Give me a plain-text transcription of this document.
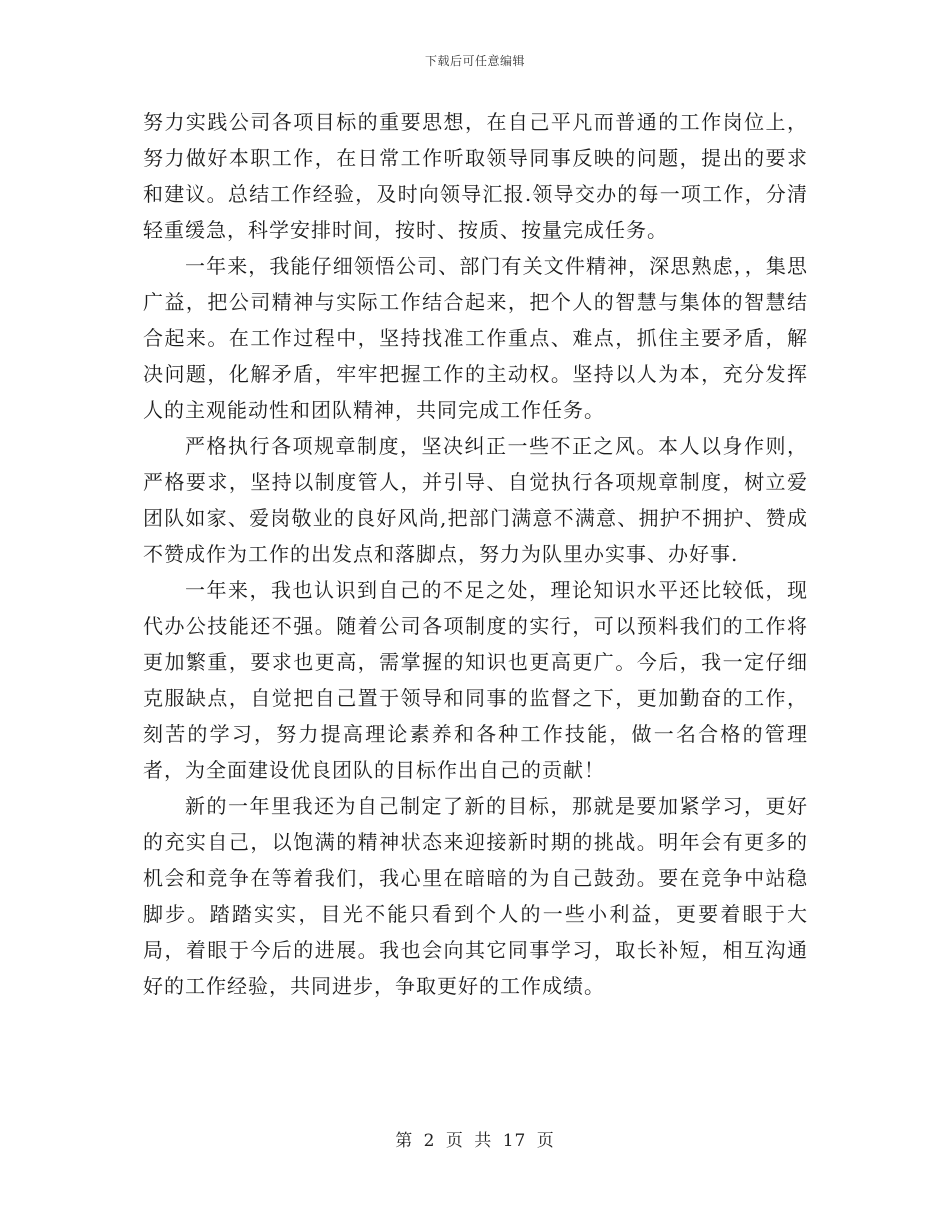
下载后可任意编辑

努力实践公司各项目标的重要思想，在自己平凡而普通的工作岗位上，努力做好本职工作，在日常工作听取领导同事反映的问题，提出的要求和建议。总结工作经验，及时向领导汇报.领导交办的每一项工作，分清轻重缓急，科学安排时间，按时、按质、按量完成任务。

一年来，我能仔细领悟公司、部门有关文件精神，深思熟虑，，集思广益，把公司精神与实际工作结合起来，把个人的智慧与集体的智慧结合起来。在工作过程中，坚持找准工作重点、难点，抓住主要矛盾，解决问题，化解矛盾，牢牢把握工作的主动权。坚持以人为本，充分发挥人的主观能动性和团队精神，共同完成工作任务。

严格执行各项规章制度，坚决纠正一些不正之风。本人以身作则，严格要求，坚持以制度管人，并引导、自觉执行各项规章制度，树立爱团队如家、爱岗敬业的良好风尚,把部门满意不满意、拥护不拥护、赞成不赞成作为工作的出发点和落脚点，努力为队里办实事、办好事.

一年来，我也认识到自己的不足之处，理论知识水平还比较低，现代办公技能还不强。随着公司各项制度的实行，可以预料我们的工作将更加繁重，要求也更高，需掌握的知识也更高更广。今后，我一定仔细克服缺点，自觉把自己置于领导和同事的监督之下，更加勤奋的工作，刻苦的学习，努力提高理论素养和各种工作技能，做一名合格的管理者，为全面建设优良团队的目标作出自己的贡献！

新的一年里我还为自己制定了新的目标，那就是要加紧学习，更好的充实自己，以饱满的精神状态来迎接新时期的挑战。明年会有更多的机会和竞争在等着我们，我心里在暗暗的为自己鼓劲。要在竞争中站稳脚步。踏踏实实，目光不能只看到个人的一些小利益，更要着眼于大局，着眼于今后的进展。我也会向其它同事学习，取长补短，相互沟通好的工作经验，共同进步，争取更好的工作成绩。

第 2 页 共 17 页
